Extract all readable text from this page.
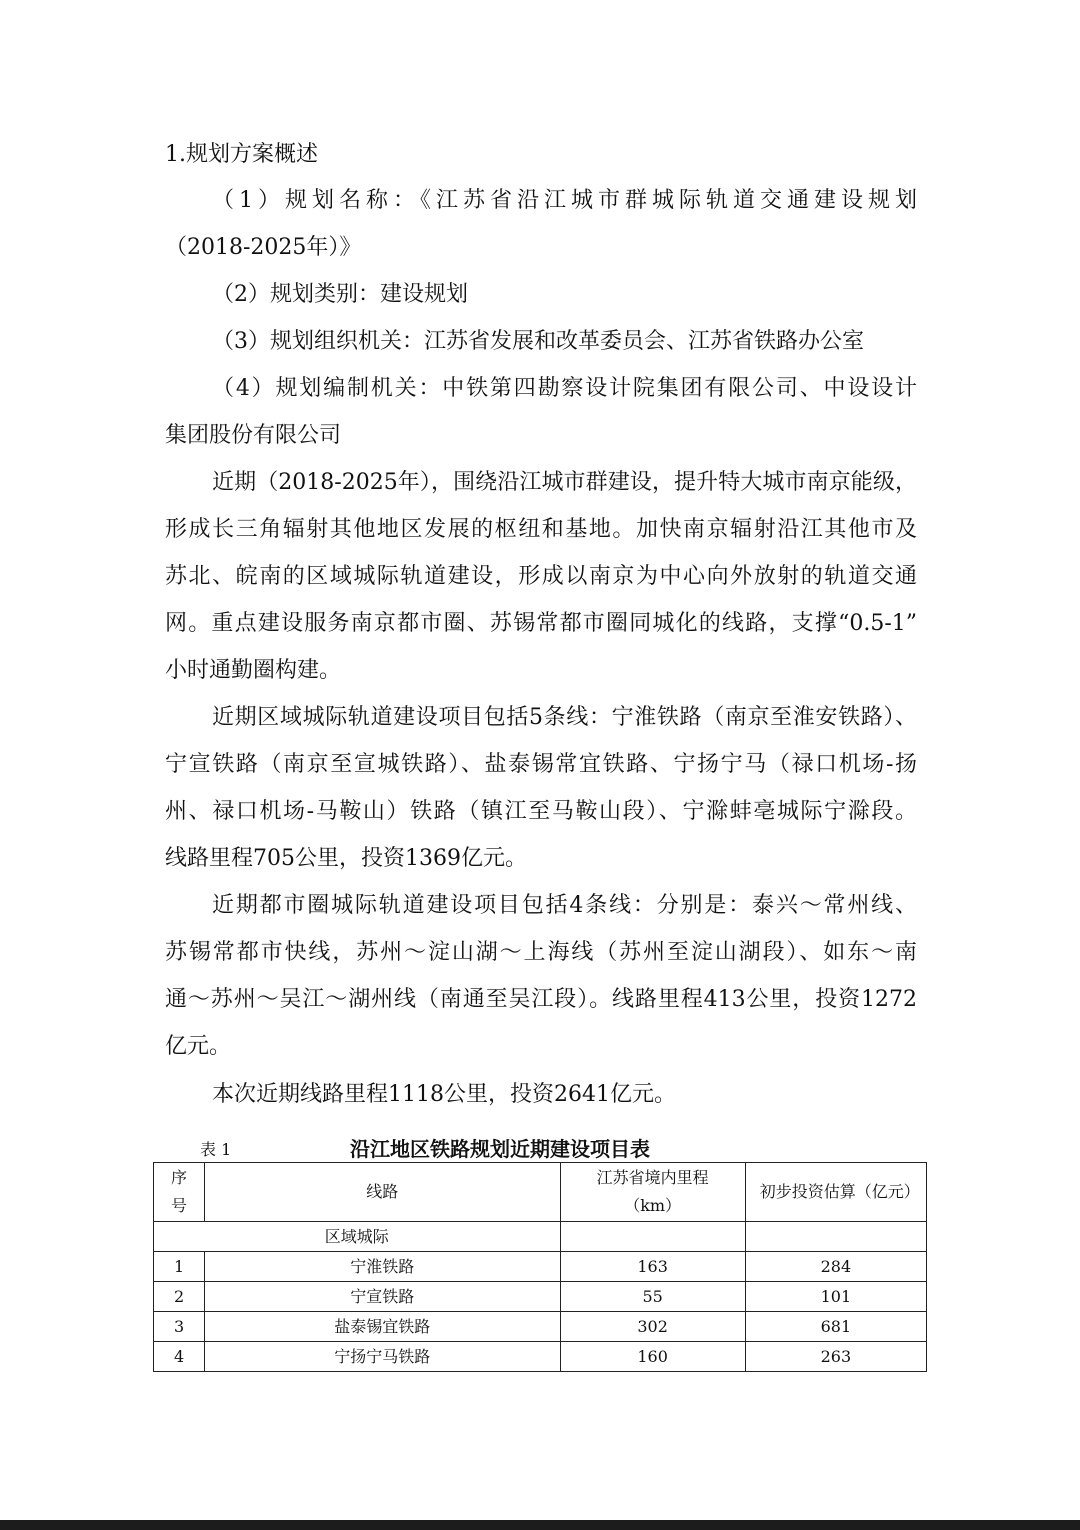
1.规划方案概述
（1）规划名称：《江苏省沿江城市群城际轨道交通建设规划
（2018-2025年）》
（2）规划类别：建设规划
（3）规划组织机关：江苏省发展和改革委员会、江苏省铁路办公室
（4）规划编制机关：中铁第四勘察设计院集团有限公司、中设设计
集团股份有限公司
近期（2018-2025年），围绕沿江城市群建设，提升特大城市南京能级，
形成长三角辐射其他地区发展的枢纽和基地。加快南京辐射沿江其他市及
苏北、皖南的区域城际轨道建设，形成以南京为中心向外放射的轨道交通
网。重点建设服务南京都市圈、苏锡常都市圈同城化的线路，支撑“0.5-1”
小时通勤圈构建。
近期区域城际轨道建设项目包括5条线：宁淮铁路（南京至淮安铁路）、
宁宣铁路（南京至宣城铁路）、盐泰锡常宜铁路、宁扬宁马（禄口机场-扬
州、禄口机场-马鞍山）铁路（镇江至马鞍山段）、宁滁蚌亳城际宁滁段。
线路里程705公里，投资1369亿元。
近期都市圈城际轨道建设项目包括4条线：分别是：泰兴～常州线、
苏锡常都市快线，苏州～淀山湖～上海线（苏州至淀山湖段）、如东～南
通～苏州～吴江～湖州线（南通至吴江段）。线路里程413公里，投资1272
亿元。
本次近期线路里程1118公里，投资2641亿元。
表 1	沿江地区铁路规划近期建设项目表
序号	线路	江苏省境内里程（km）	初步投资估算（亿元）
区域城际			
1	宁淮铁路	163	284
2	宁宣铁路	55	101
3	盐泰锡宜铁路	302	681
4	宁扬宁马铁路	160	263
